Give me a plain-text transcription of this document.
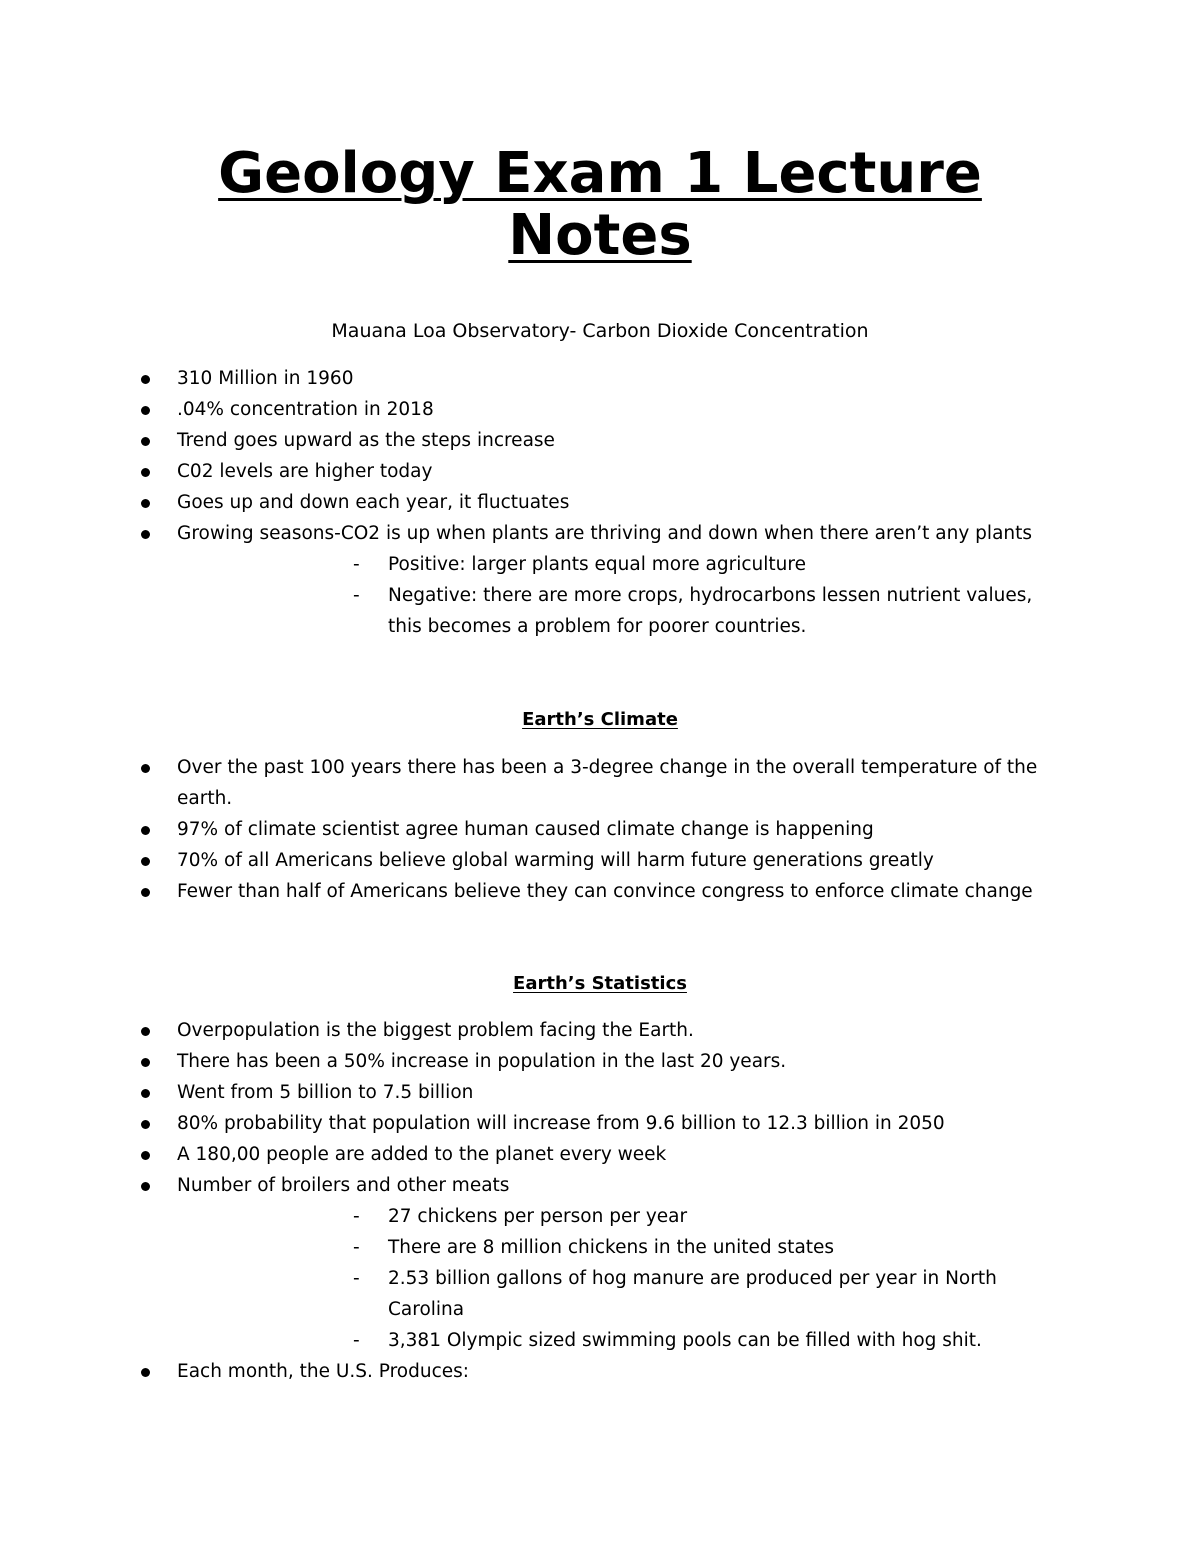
Geology Exam 1 Lecture
Notes

Mauana Loa Observatory- Carbon Dioxide Concentration

310 Million in 1960
.04% concentration in 2018
Trend goes upward as the steps increase
C02 levels are higher today
Goes up and down each year, it fluctuates
Growing seasons-CO2 is up when plants are thriving and down when there aren’t any plants
- Positive: larger plants equal more agriculture
- Negative: there are more crops, hydrocarbons lessen nutrient values, this becomes a problem for poorer countries.

Earth’s Climate

Over the past 100 years there has been a 3-degree change in the overall temperature of the earth.
97% of climate scientist agree human caused climate change is happening
70% of all Americans believe global warming will harm future generations greatly
Fewer than half of Americans believe they can convince congress to enforce climate change

Earth’s Statistics

Overpopulation is the biggest problem facing the Earth.
There has been a 50% increase in population in the last 20 years.
Went from 5 billion to 7.5 billion
80% probability that population will increase from 9.6 billion to 12.3 billion in 2050
A 180,00 people are added to the planet every week
Number of broilers and other meats
- 27 chickens per person per year
- There are 8 million chickens in the united states
- 2.53 billion gallons of hog manure are produced per year in North Carolina
- 3,381 Olympic sized swimming pools can be filled with hog shit.
Each month, the U.S. Produces:
